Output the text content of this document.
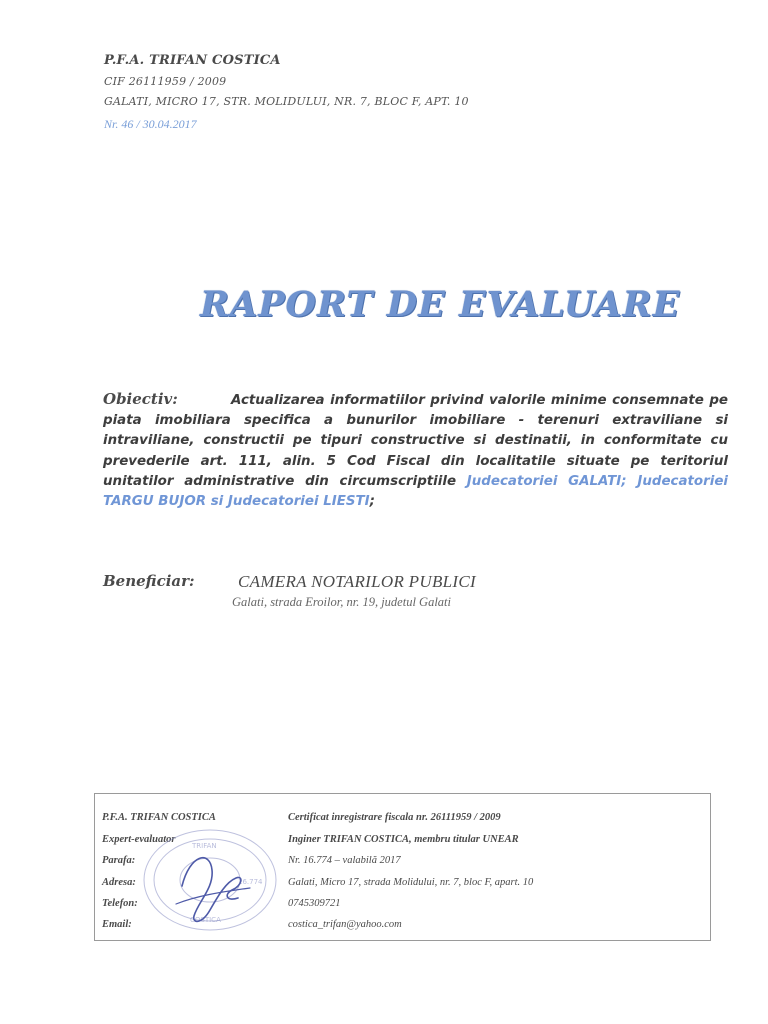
P.F.A. TRIFAN COSTICA
CIF 26111959 / 2009
GALATI, MICRO 17, STR. MOLIDULUI, NR. 7, BLOC F, APT. 10
Nr. 46 / 30.04.2017
RAPORT DE EVALUARE
Obiectiv:	Actualizarea informatiilor privind valorile minime consemnate pe piata imobiliara specifica a bunurilor imobiliare - terenuri extraviliane si intraviliane, constructii pe tipuri constructive si destinatii, in conformitate cu prevederile art. 111, alin. 5 Cod Fiscal din localitatile situate pe teritoriul unitatilor administrative din circumscriptiile Judecatoriei GALATI; Judecatoriei TARGU BUJOR si Judecatoriei LIESTI;
Beneficiar:	CAMERA NOTARILOR PUBLICI
Galati, strada Eroilor, nr. 19, judetul Galati
P.F.A. TRIFAN COSTICA	Certificat inregistrare fiscala nr. 26111959 / 2009
Expert-evaluator	Inginer TRIFAN COSTICA, membru titular UNEAR
Parafa:	Nr. 16.774 – valabilă 2017
Adresa:	Galati, Micro 17, strada Molidului, nr. 7, bloc F, apart. 10
Telefon:	0745309721
Email:	costica_trifan@yahoo.com
TRIFAN
16.774
COSTICA
